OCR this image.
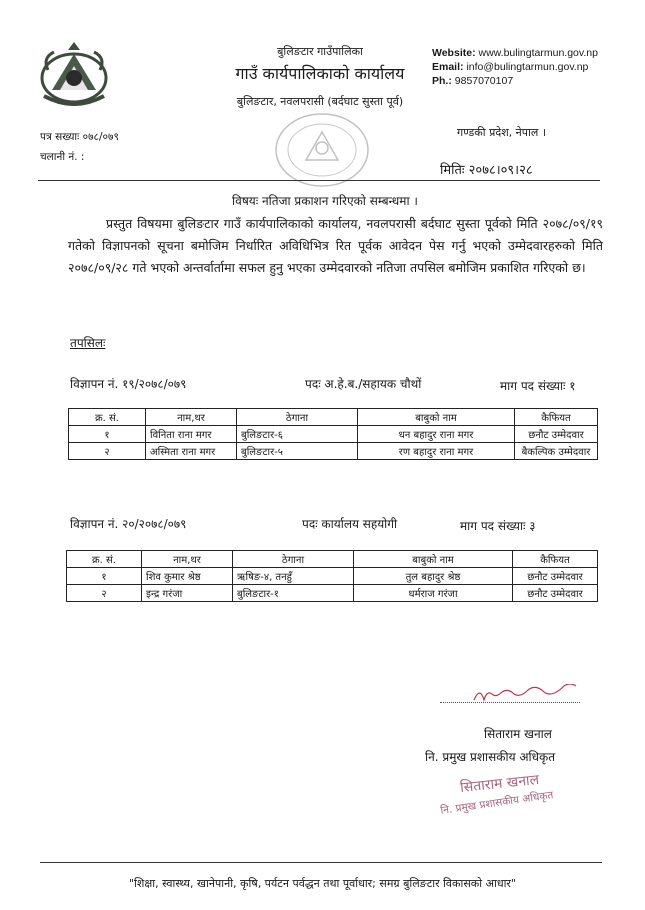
बुलिङटार गाउँपालिका
गाउँ कार्यपालिकाको कार्यालय
बुलिङटार, नवलपरासी (बर्दघाट सुस्ता पूर्व)
Website: www.bulingtarmun.gov.np
Email: info@bulingtarmun.gov.np
Ph.: 9857070107
पत्र सख्याः ०७८/०७९
चलानी नं. :
गण्डकी प्रदेश, नेपाल ।
मितिः २०७८।०९।२८
विषयः नतिजा प्रकाशन गरिएको सम्बन्धमा ।
प्रस्तुत विषयमा बुलिङटार गाउँ कार्यपालिकाको कार्यालय, नवलपरासी बर्दघाट सुस्ता पूर्वको मिति २०७८/०९/१९ गतेको विज्ञापनको सूचना बमोजिम निर्धारित अविधिभित्र रित पूर्वक आवेदन पेस गर्नु भएको उम्मेदवारहरुको मिति २०७८/०९/२८ गते भएको अन्तर्वार्तामा सफल हुनु भएका उम्मेदवारको नतिजा तपसिल बमोजिम प्रकाशित गरिएको छ।
तपसिलः
विज्ञापन नं. १९/२०७८/०७९	पदः अ.हे.ब./सहायक चौथों	माग पद संख्याः १
क्र. सं.	नाम,थर	ठेगाना	बाबुको नाम	कैफियत
१	विनिता राना मगर	बुलिङटार-६	धन बहादुर राना मगर	छनौट उम्मेदवार
२	अस्मिता राना मगर	बुलिङटार-५	रण बहादुर राना मगर	बैकल्पिक उम्मेदवार
विज्ञापन नं. २०/२०७८/०७९	पदः कार्यालय सहयोगी	माग पद संख्याः ३
क्र. सं.	नाम,थर	ठेगाना	बाबुको नाम	कैफियत
१	शिव कुमार श्रेष्ठ	ऋषिङ-४, तनहुँ	तुल बहादुर श्रेष्ठ	छनौट उम्मेदवार
२	इन्द्र गरंजा	बुलिङटार-१	धर्मराज गरंजा	छनौट उम्मेदवार
सिताराम खनाल
नि. प्रमुख प्रशासकीय अधिकृत
सिताराम खनाल
नि. प्रमुख प्रशासकीय अधिकृत
"शिक्षा, स्वास्थ्य, खानेपानी, कृषि, पर्यटन पर्वद्धन तथा पूर्वाधार; समग्र बुलिङटार विकासको आधार"
